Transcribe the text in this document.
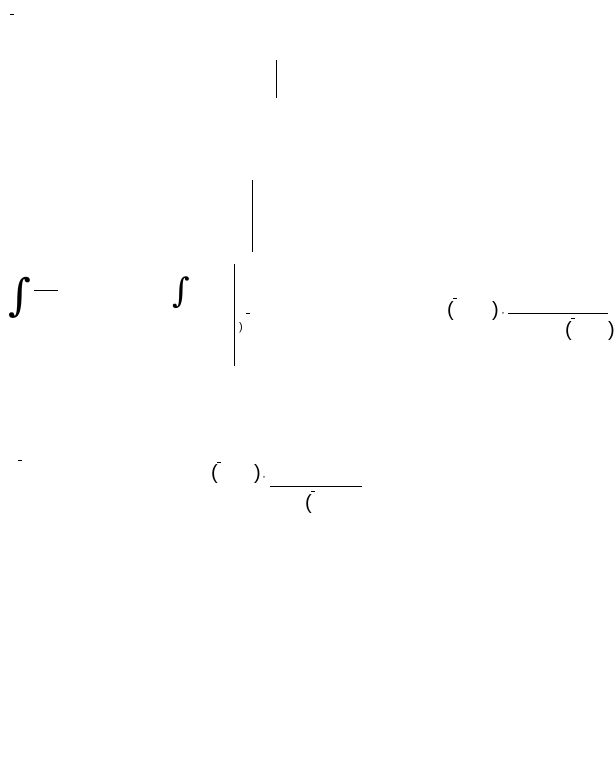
∫	∫
)
( ) ·
( )
( ) ·
(
